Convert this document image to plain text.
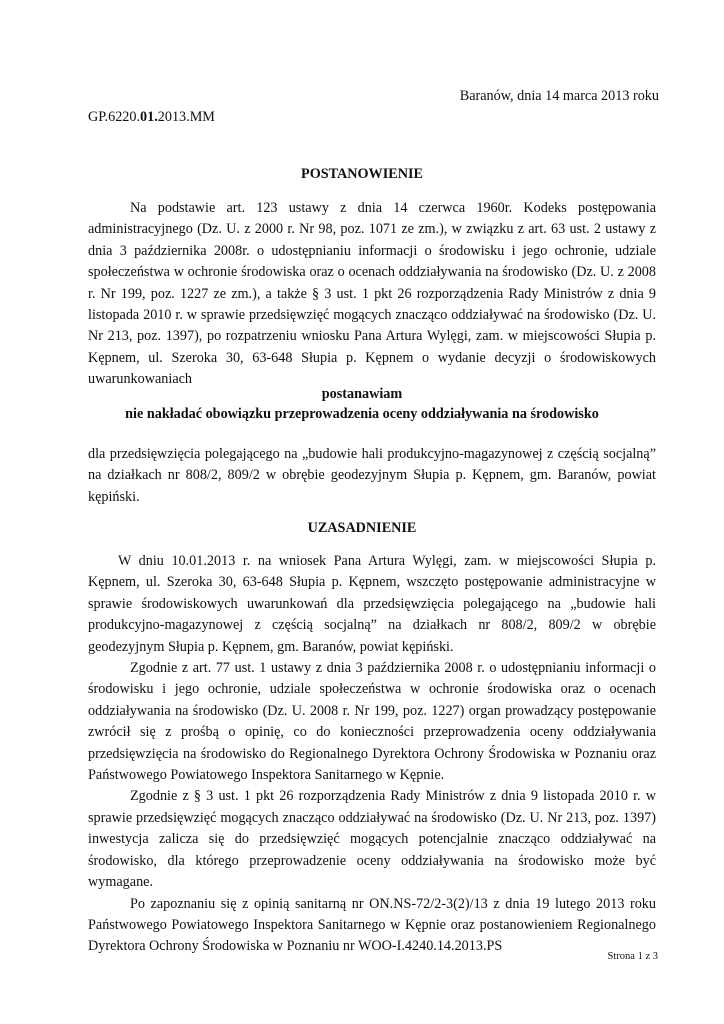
Baranów, dnia 14 marca 2013 roku
GP.6220.01.2013.MM
POSTANOWIENIE

Na podstawie art. 123 ustawy z dnia 14 czerwca 1960r. Kodeks postępowania administracyjnego (Dz. U. z 2000 r. Nr 98, poz. 1071 ze zm.), w związku z art. 63 ust. 2 ustawy z dnia 3 października 2008r. o udostępnianiu informacji o środowisku i jego ochronie, udziale społeczeństwa w ochronie środowiska oraz o ocenach oddziaływania na środowisko (Dz. U. z 2008 r. Nr 199, poz. 1227 ze zm.), a także § 3 ust. 1 pkt 26 rozporządzenia Rady Ministrów z dnia 9 listopada 2010 r. w sprawie przedsięwzięć mogących znacząco oddziaływać na środowisko (Dz. U. Nr 213, poz. 1397), po rozpatrzeniu wniosku Pana Artura Wylęgi, zam. w miejscowości Słupia p. Kępnem, ul. Szeroka 30, 63-648 Słupia p. Kępnem o wydanie decyzji o środowiskowych uwarunkowaniach

postanawiam
nie nakładać obowiązku przeprowadzenia oceny oddziaływania na środowisko

dla przedsięwzięcia polegającego na „budowie hali produkcyjno-magazynowej z częścią socjalną” na działkach nr 808/2, 809/2 w obrębie geodezyjnym Słupia p. Kępnem, gm. Baranów, powiat kępiński.

UZASADNIENIE

W dniu 10.01.2013 r. na wniosek Pana Artura Wylęgi, zam. w miejscowości Słupia p. Kępnem, ul. Szeroka 30, 63-648 Słupia p. Kępnem, wszczęto postępowanie administracyjne w sprawie środowiskowych uwarunkowań dla przedsięwzięcia polegającego na „budowie hali produkcyjno-magazynowej z częścią socjalną” na działkach nr 808/2, 809/2 w obrębie geodezyjnym Słupia p. Kępnem, gm. Baranów, powiat kępiński.

Zgodnie z art. 77 ust. 1 ustawy z dnia 3 października 2008 r. o udostępnianiu informacji o środowisku i jego ochronie, udziale społeczeństwa w ochronie środowiska oraz o ocenach oddziaływania na środowisko (Dz. U. 2008 r. Nr 199, poz. 1227) organ prowadzący postępowanie zwrócił się z prośbą o opinię, co do konieczności przeprowadzenia oceny oddziaływania przedsięwzięcia na środowisko do Regionalnego Dyrektora Ochrony Środowiska w Poznaniu oraz Państwowego Powiatowego Inspektora Sanitarnego w Kępnie.

Zgodnie z § 3 ust. 1 pkt 26 rozporządzenia Rady Ministrów z dnia 9 listopada 2010 r. w sprawie przedsięwzięć mogących znacząco oddziaływać na środowisko (Dz. U. Nr 213, poz. 1397) inwestycja zalicza się do przedsięwzięć mogących potencjalnie znacząco oddziaływać na środowisko, dla którego przeprowadzenie oceny oddziaływania na środowisko może być wymagane.

Po zapoznaniu się z opinią sanitarną nr ON.NS-72/2-3(2)/13 z dnia 19 lutego 2013 roku Państwowego Powiatowego Inspektora Sanitarnego w Kępnie oraz postanowieniem Regionalnego Dyrektora Ochrony Środowiska w Poznaniu nr WOO-I.4240.14.2013.PS

Strona 1 z 3
